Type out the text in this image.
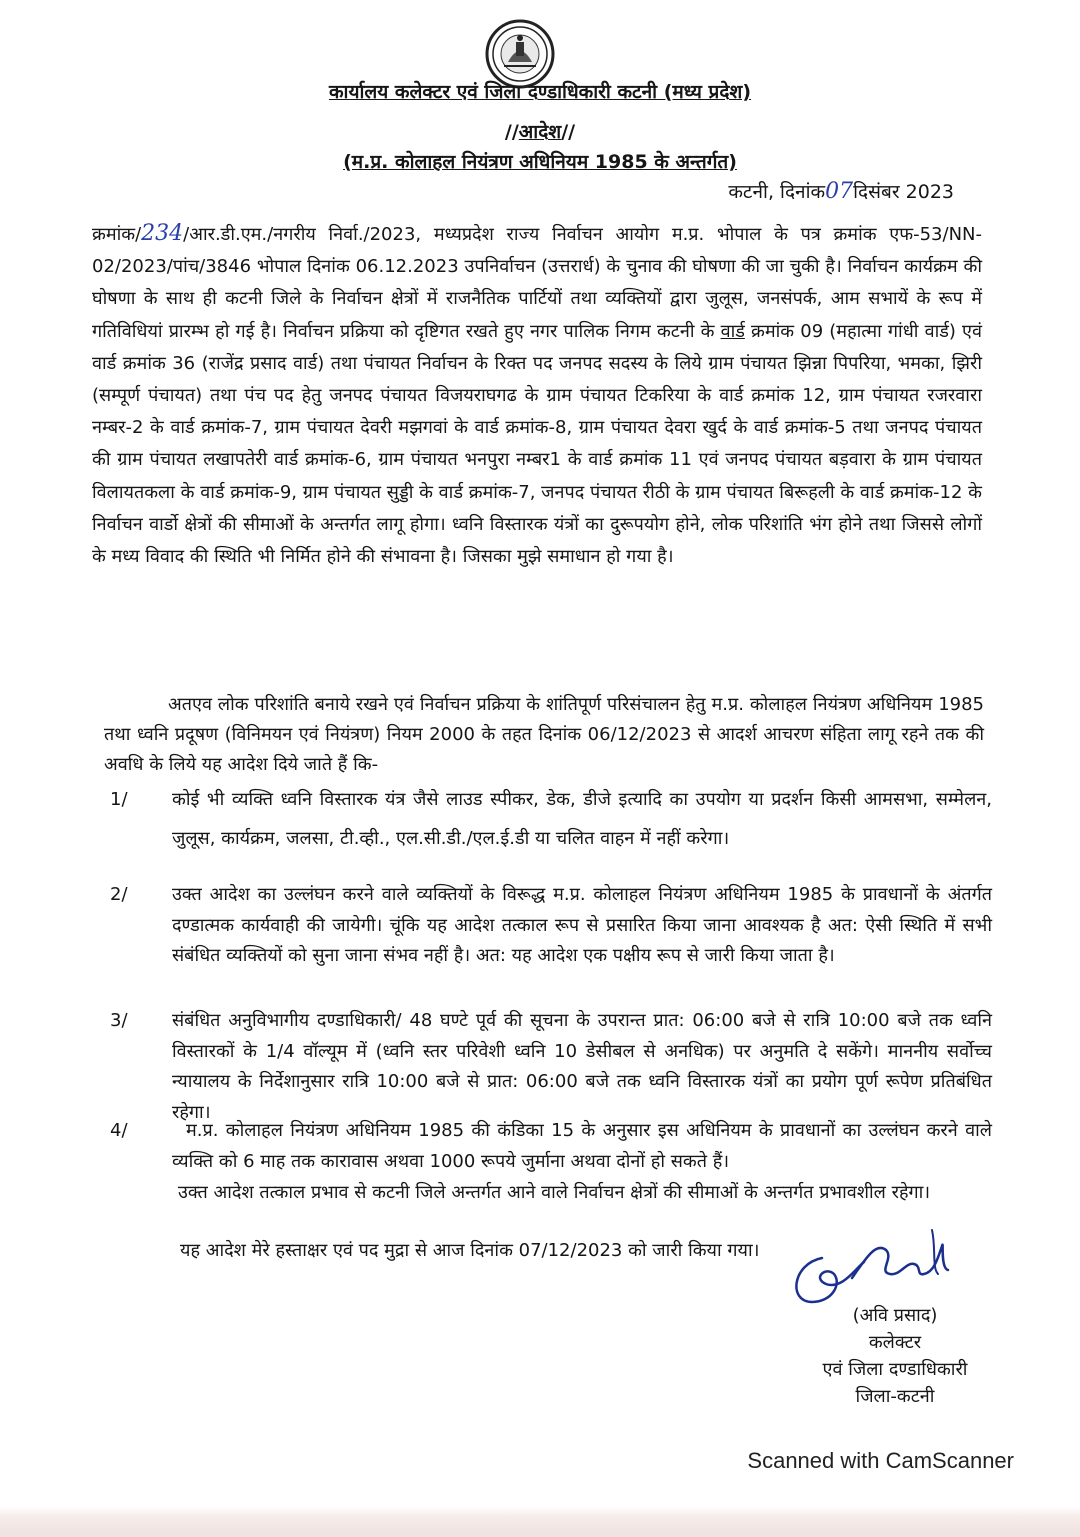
कार्यालय कलेक्टर एवं जिला दण्डाधिकारी कटनी (मध्य प्रदेश)
//आदेश//
(म.प्र. कोलाहल नियंत्रण अधिनियम 1985 के अन्तर्गत)
कटनी, दिनांक07दिसंबर 2023
क्रमांक/234/आर.डी.एम./नगरीय निर्वा./2023, मध्यप्रदेश राज्य निर्वाचन आयोग म.प्र. भोपाल के पत्र क्रमांक एफ-53/NN-02/2023/पांच/3846 भोपाल दिनांक 06.12.2023 उपनिर्वाचन (उत्तरार्ध) के चुनाव की घोषणा की जा चुकी है। निर्वाचन कार्यक्रम की घोषणा के साथ ही कटनी जिले के निर्वाचन क्षेत्रों में राजनैतिक पार्टियों तथा व्यक्तियों द्वारा जुलूस, जनसंपर्क, आम सभायें के रूप में गतिविधियां प्रारम्भ हो गई है। निर्वाचन प्रक्रिया को दृष्टिगत रखते हुए नगर पालिक निगम कटनी के वार्ड क्रमांक 09 (महात्मा गांधी वार्ड) एवं वार्ड क्रमांक 36 (राजेंद्र प्रसाद वार्ड) तथा पंचायत निर्वाचन के रिक्त पद जनपद सदस्य के लिये ग्राम पंचायत झिन्ना पिपरिया, भमका, झिरी (सम्पूर्ण पंचायत) तथा पंच पद हेतु जनपद पंचायत विजयराघगढ के ग्राम पंचायत टिकरिया के वार्ड क्रमांक 12, ग्राम पंचायत रजरवारा नम्बर-2 के वार्ड क्रमांक-7, ग्राम पंचायत देवरी मझगवां के वार्ड क्रमांक-8, ग्राम पंचायत देवरा खुर्द के वार्ड क्रमांक-5 तथा जनपद पंचायत की ग्राम पंचायत लखापतेरी वार्ड क्रमांक-6, ग्राम पंचायत भनपुरा नम्बर1 के वार्ड क्रमांक 11 एवं जनपद पंचायत बड़वारा के ग्राम पंचायत विलायतकला के वार्ड क्रमांक-9, ग्राम पंचायत सुड्डी के वार्ड क्रमांक-7, जनपद पंचायत रीठी के ग्राम पंचायत बिरूहली के वार्ड क्रमांक-12 के निर्वाचन वार्डो क्षेत्रों की सीमाओं के अन्तर्गत लागू होगा। ध्वनि विस्तारक यंत्रों का दुरूपयोग होने, लोक परिशांति भंग होने तथा जिससे लोगों के मध्य विवाद की स्थिति भी निर्मित होने की संभावना है। जिसका मुझे समाधान हो गया है।
अतएव लोक परिशांति बनाये रखने एवं निर्वाचन प्रक्रिया के शांतिपूर्ण परिसंचालन हेतु म.प्र. कोलाहल नियंत्रण अधिनियम 1985 तथा ध्वनि प्रदूषण (विनिमयन एवं नियंत्रण) नियम 2000 के तहत दिनांक 06/12/2023 से आदर्श आचरण संहिता लागू रहने तक की अवधि के लिये यह आदेश दिये जाते हैं कि-
1/	कोई भी व्यक्ति ध्वनि विस्तारक यंत्र जैसे लाउड स्पीकर, डेक, डीजे इत्यादि का उपयोग या प्रदर्शन किसी आमसभा, सम्मेलन, जुलूस, कार्यक्रम, जलसा, टी.व्ही., एल.सी.डी./एल.ई.डी या चलित वाहन में नहीं करेगा।
2/	उक्त आदेश का उल्लंघन करने वाले व्यक्तियों के विरूद्ध म.प्र. कोलाहल नियंत्रण अधिनियम 1985 के प्रावधानों के अंतर्गत दण्डात्मक कार्यवाही की जायेगी। चूंकि यह आदेश तत्काल रूप से प्रसारित किया जाना आवश्यक है अत: ऐसी स्थिति में सभी संबंधित व्यक्तियों को सुना जाना संभव नहीं है। अत: यह आदेश एक पक्षीय रूप से जारी किया जाता है।
3/	संबंधित अनुविभागीय दण्डाधिकारी/ 48 घण्टे पूर्व की सूचना के उपरान्त प्रात: 06:00 बजे से रात्रि 10:00 बजे तक ध्वनि विस्तारकों के 1/4 वॉल्यूम में (ध्वनि स्तर परिवेशी ध्वनि 10 डेसीबल से अनधिक) पर अनुमति दे सकेंगे। माननीय सर्वोच्च न्यायालय के निर्देशानुसार रात्रि 10:00 बजे से प्रात: 06:00 बजे तक ध्वनि विस्तारक यंत्रों का प्रयोग पूर्ण रूपेण प्रतिबंधित रहेगा।
4/	म.प्र. कोलाहल नियंत्रण अधिनियम 1985 की कंडिका 15 के अनुसार इस अधिनियम के प्रावधानों का उल्लंघन करने वाले व्यक्ति को 6 माह तक कारावास अथवा 1000 रूपये जुर्माना अथवा दोनों हो सकते हैं।
उक्त आदेश तत्काल प्रभाव से कटनी जिले अन्तर्गत आने वाले निर्वाचन क्षेत्रों की सीमाओं के अन्तर्गत प्रभावशील रहेगा।
यह आदेश मेरे हस्ताक्षर एवं पद मुद्रा से आज दिनांक 07/12/2023 को जारी किया गया।
(अवि प्रसाद)
कलेक्टर
एवं जिला दण्डाधिकारी
जिला-कटनी
Scanned with CamScanner
